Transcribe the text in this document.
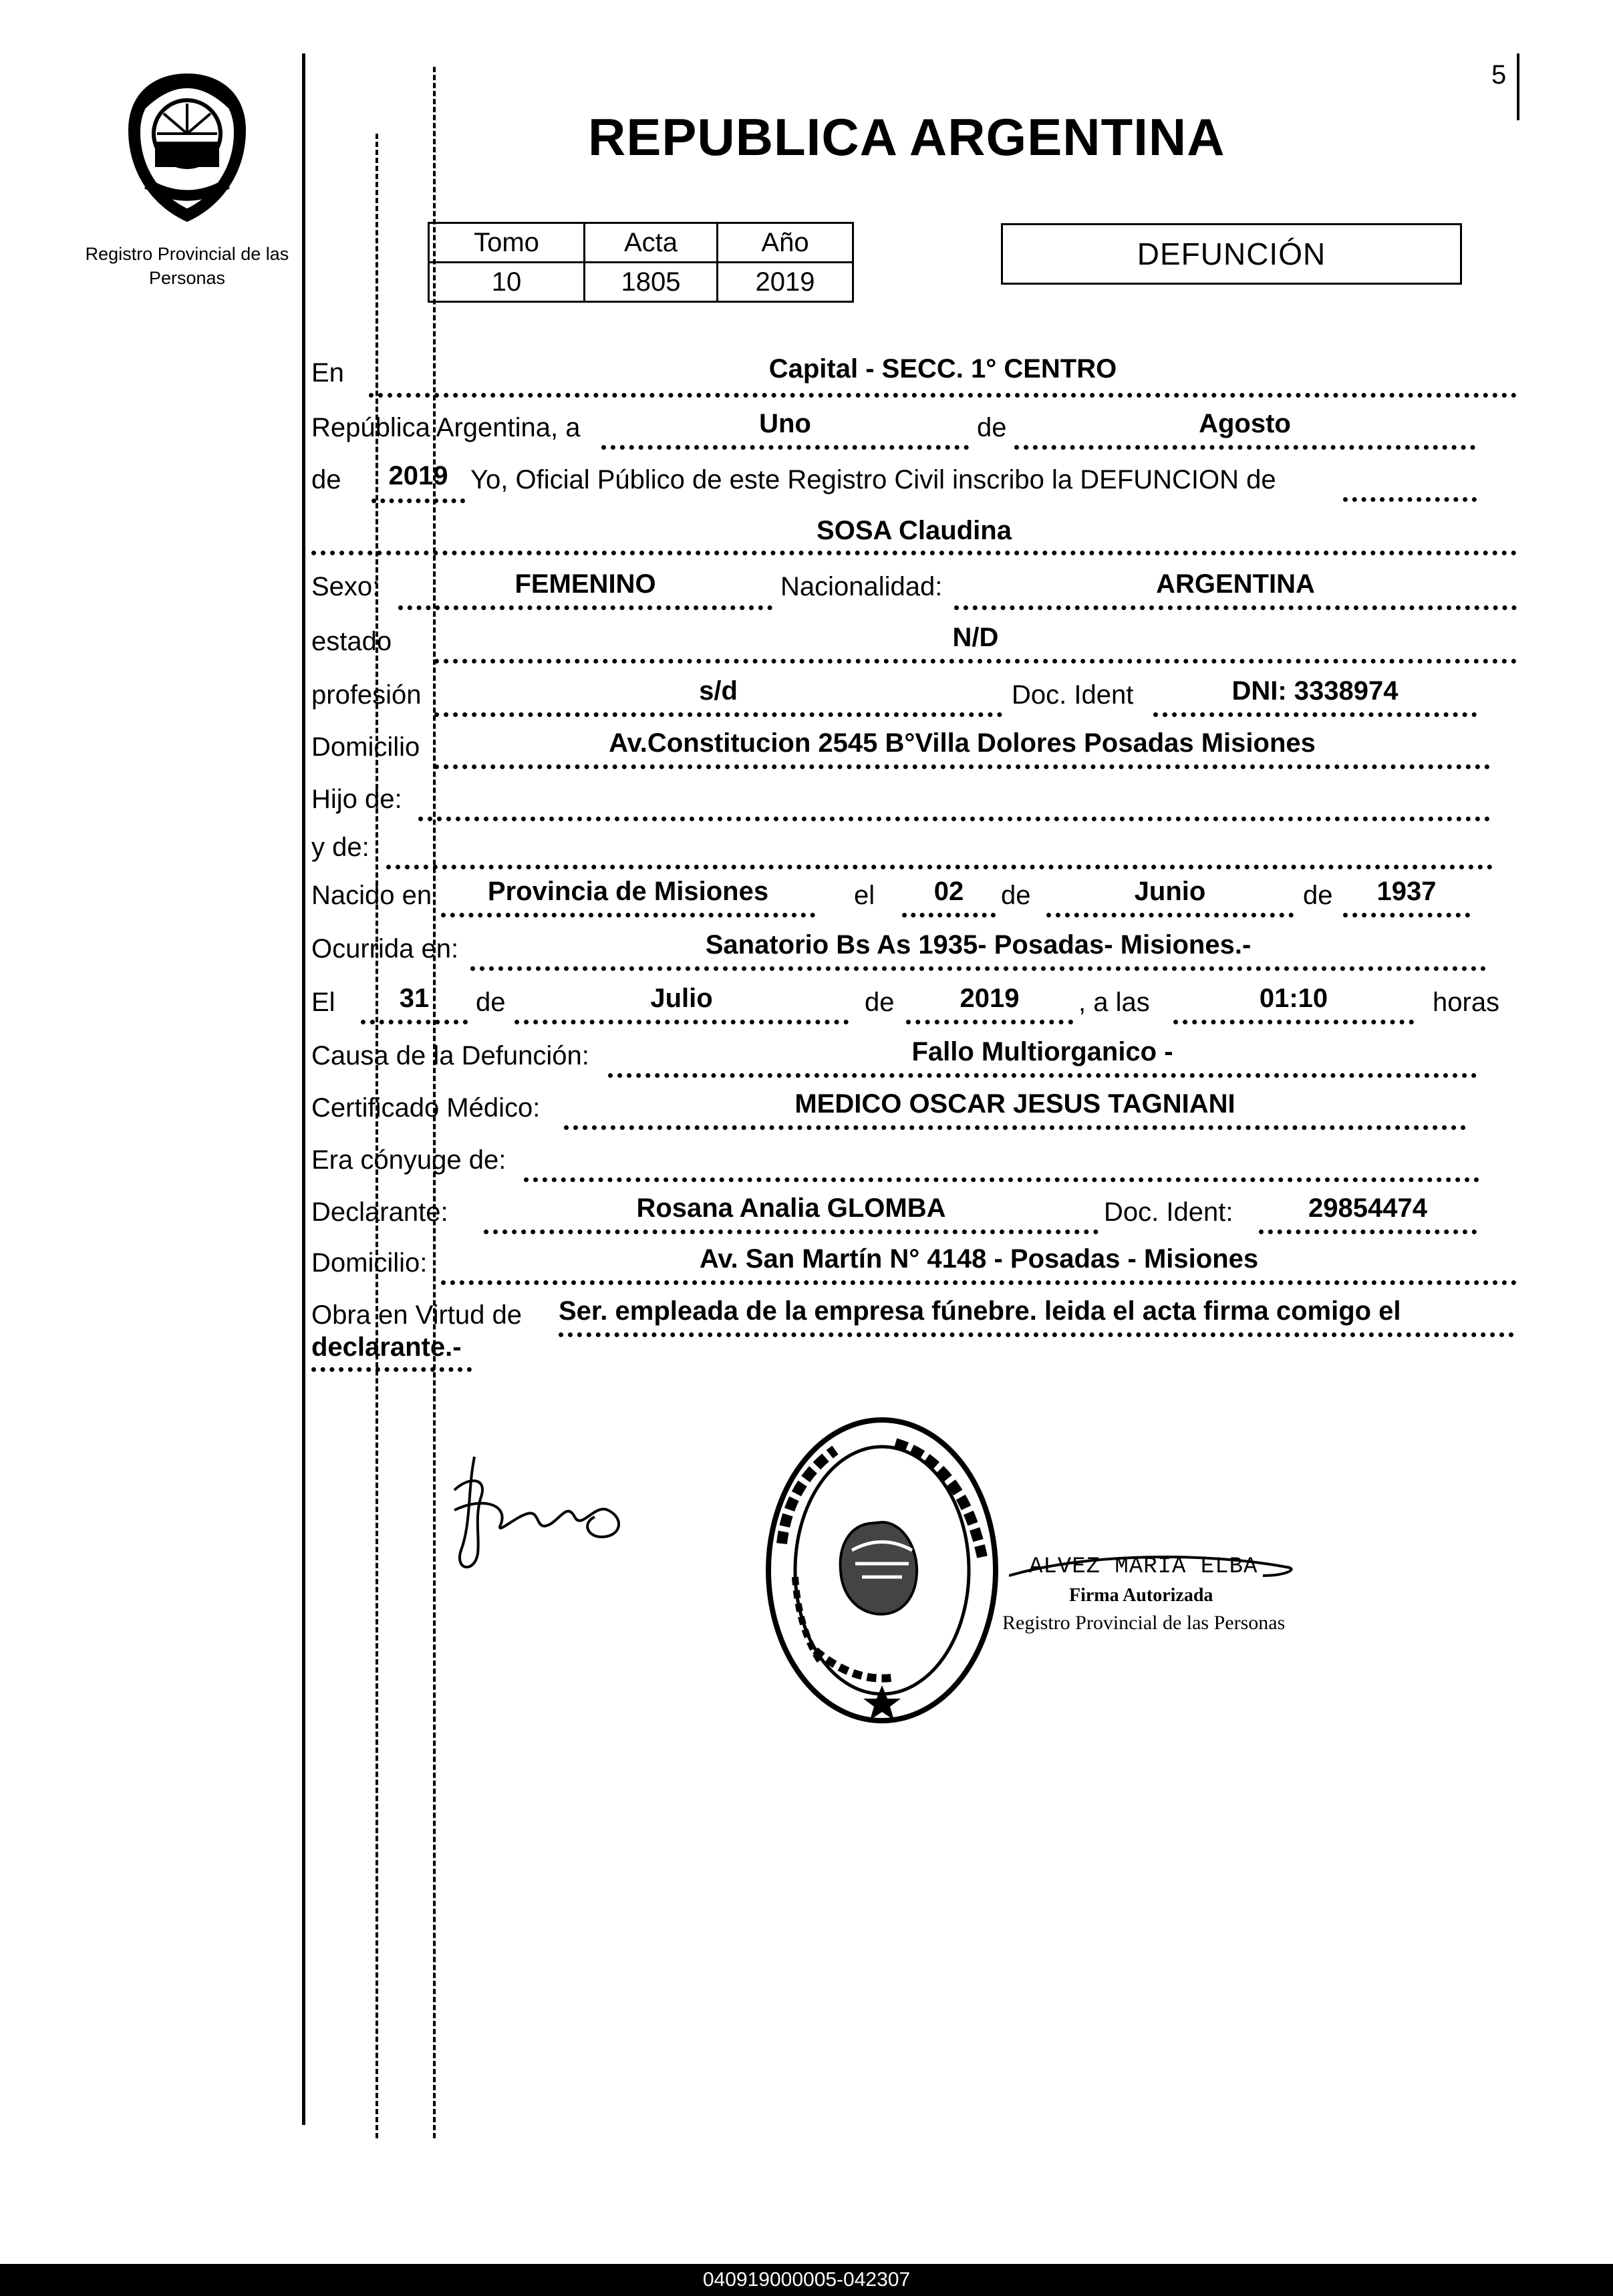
5
Registro Provincial de las Personas
REPUBLICA ARGENTINA
Tomo	Acta	Año
10	1805	2019
DEFUNCIÓN
En	Capital - SECC. 1° CENTRO
República Argentina, a	Uno	de	Agosto
de	2019 Yo, Oficial Público de este Registro Civil inscribo la DEFUNCION de
SOSA Claudina
Sexo:	FEMENINO	Nacionalidad:	ARGENTINA
estado	N/D
profesión	s/d	Doc. Ident	DNI: 3338974
Domicilio	Av.Constitucion 2545 B°Villa Dolores Posadas Misiones
Hijo de:
y de:
Nacido en	Provincia de Misiones	el	02	de	Junio	de	1937
Ocurrida en:	Sanatorio Bs As 1935- Posadas- Misiones.-
El	31	de	Julio	de	2019	, a las	01:10	horas
Causa de la Defunción:	Fallo Multiorganico -
Certificado Médico:	MEDICO OSCAR JESUS TAGNIANI
Era cónyuge de:
Declarante:	Rosana Analia GLOMBA	Doc. Ident:	29854474
Domicilio:	Av. San Martín N° 4148 - Posadas - Misiones
Obra en Virtud de Ser. empleada de la empresa fúnebre. leida el acta firma comigo el
declarante.-
ALVEZ MARIA ELBA
Firma Autorizada
Registro Provincial de las Personas
040919000005-042307
